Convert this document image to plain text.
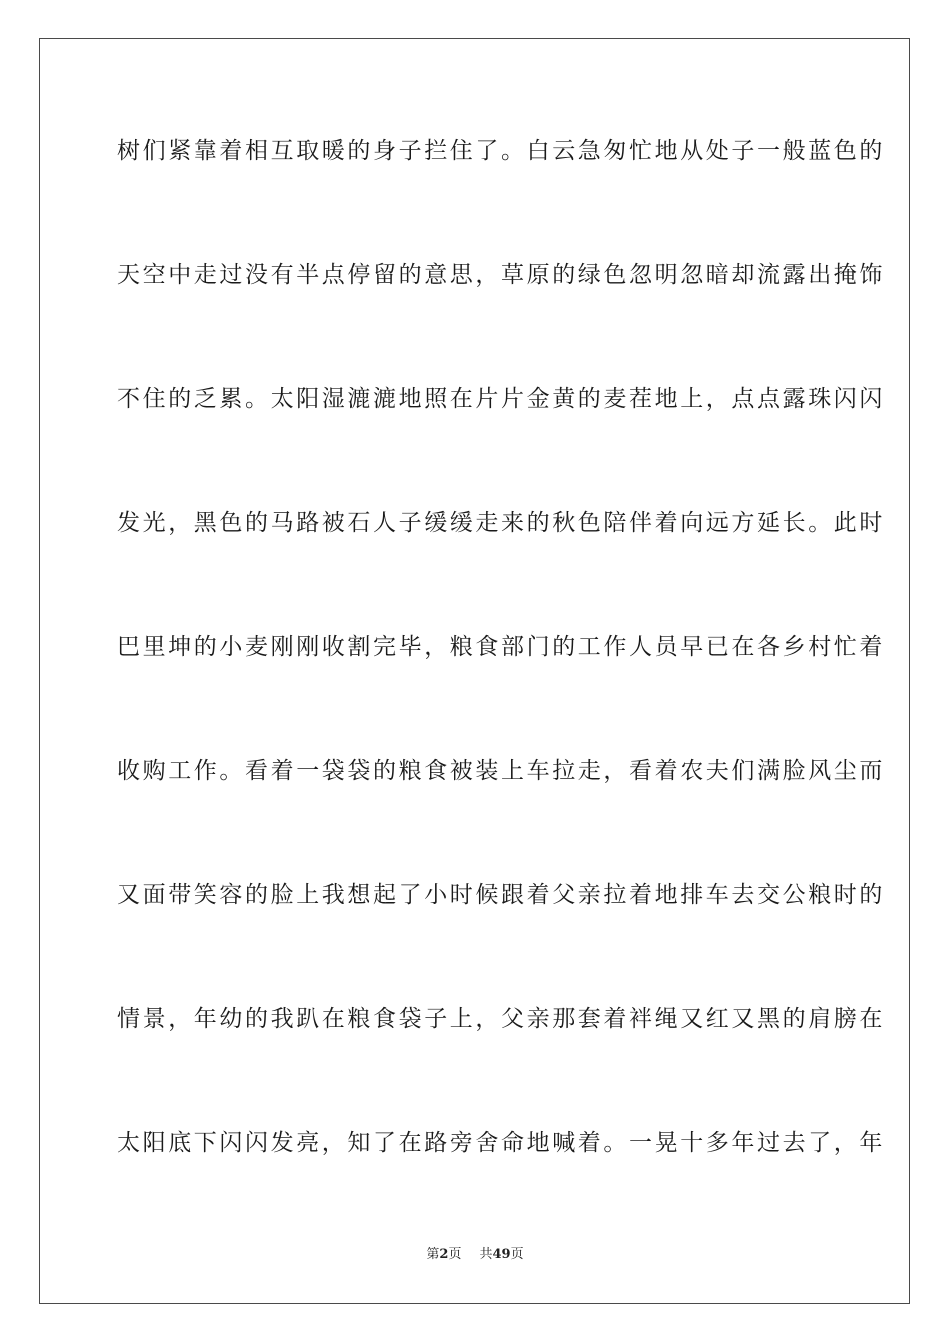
树们紧靠着相互取暖的身子拦住了。白云急匆忙地从处子一般蓝色的
天空中走过没有半点停留的意思，草原的绿色忽明忽暗却流露出掩饰
不住的乏累。太阳湿漉漉地照在片片金黄的麦茬地上，点点露珠闪闪
发光，黑色的马路被石人子缓缓走来的秋色陪伴着向远方延长。此时
巴里坤的小麦刚刚收割完毕，粮食部门的工作人员早已在各乡村忙着
收购工作。看着一袋袋的粮食被装上车拉走，看着农夫们满脸风尘而
又面带笑容的脸上我想起了小时候跟着父亲拉着地排车去交公粮时的
情景，年幼的我趴在粮食袋子上，父亲那套着袢绳又红又黑的肩膀在
太阳底下闪闪发亮，知了在路旁舍命地喊着。一晃十多年过去了，年
第2页 共49页
